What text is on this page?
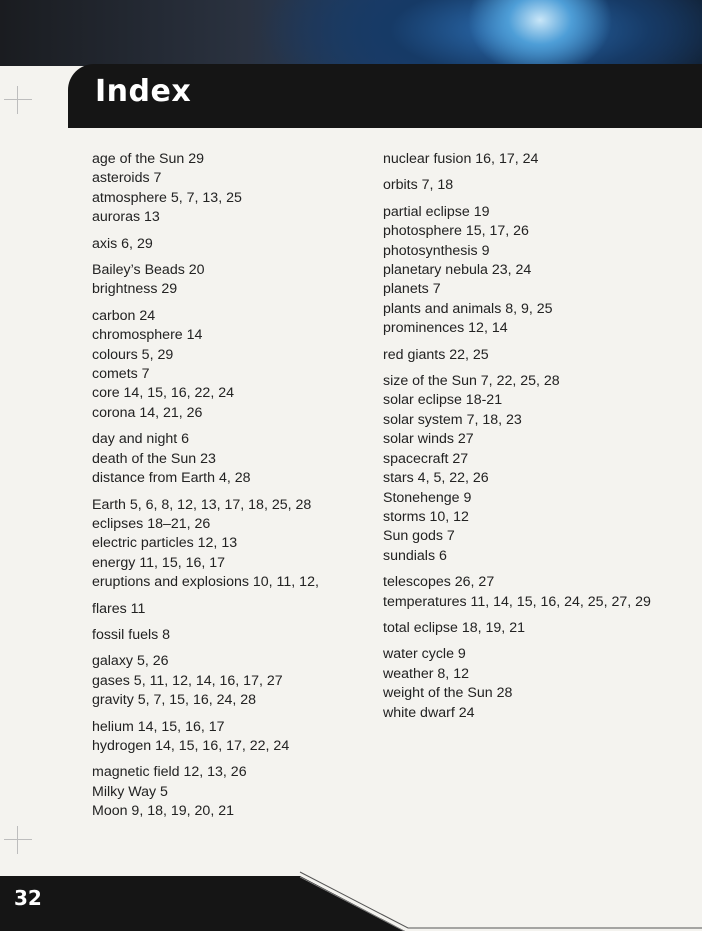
Index
age of the Sun 29
asteroids 7
atmosphere 5, 7, 13, 25
auroras 13
axis 6, 29
Bailey’s Beads 20
brightness 29
carbon 24
chromosphere 14
colours 5, 29
comets 7
core 14, 15, 16, 22, 24
corona 14, 21, 26
day and night 6
death of the Sun 23
distance from Earth 4, 28
Earth 5, 6, 8, 12, 13, 17, 18, 25, 28
eclipses 18–21, 26
electric particles 12, 13
energy 11, 15, 16, 17
eruptions and explosions 10, 11, 12,
flares 11
fossil fuels 8
galaxy 5, 26
gases 5, 11, 12, 14, 16, 17, 27
gravity 5, 7, 15, 16, 24, 28
helium 14, 15, 16, 17
hydrogen 14, 15, 16, 17, 22, 24
magnetic field 12, 13, 26
Milky Way 5
Moon 9, 18, 19, 20, 21
nuclear fusion 16, 17, 24
orbits 7, 18
partial eclipse 19
photosphere 15, 17, 26
photosynthesis 9
planetary nebula 23, 24
planets 7
plants and animals 8, 9, 25
prominences 12, 14
red giants 22, 25
size of the Sun 7, 22, 25, 28
solar eclipse 18-21
solar system 7, 18, 23
solar winds 27
spacecraft 27
stars 4, 5, 22, 26
Stonehenge 9
storms 10, 12
Sun gods 7
sundials 6
telescopes 26, 27
temperatures 11, 14, 15, 16, 24, 25, 27, 29
total eclipse 18, 19, 21
water cycle 9
weather 8, 12
weight of the Sun 28
white dwarf 24
32
